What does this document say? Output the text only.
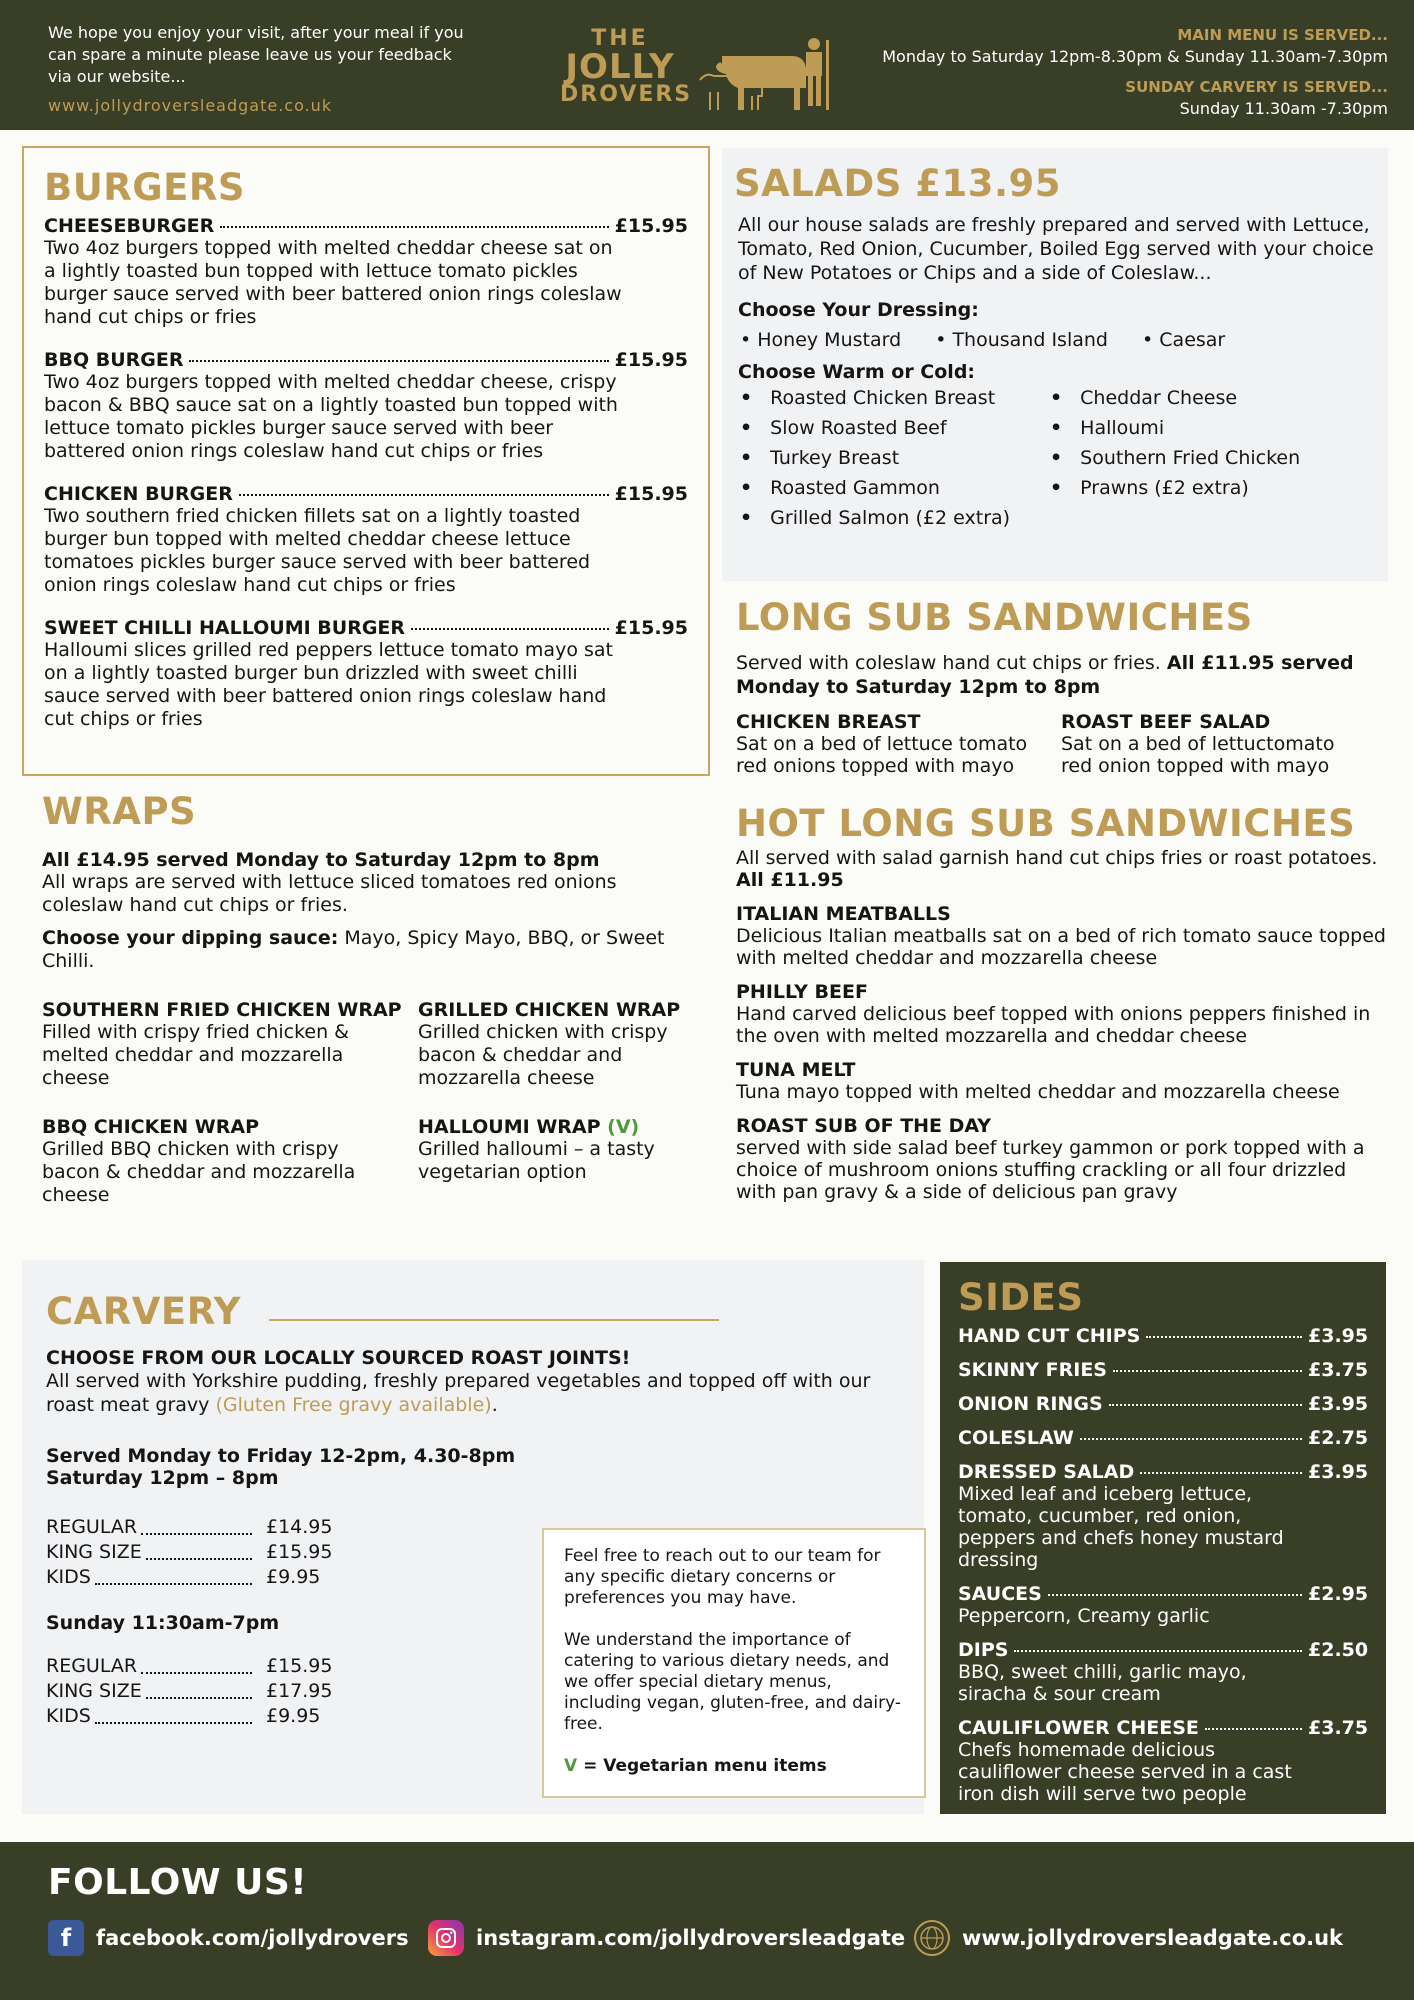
We hope you enjoy your visit, after your meal if you can spare a minute please leave us your feedback via our website...
www.jollydroversleadgate.co.uk
THE
JOLLY
DROVERS
MAIN MENU IS SERVED...
Monday to Saturday 12pm-8.30pm & Sunday 11.30am-7.30pm
SUNDAY CARVERY IS SERVED...
Sunday 11.30am -7.30pm
BURGERS
CHEESEBURGER	£15.95
Two 4oz burgers topped with melted cheddar cheese sat on a lightly toasted bun topped with lettuce tomato pickles burger sauce served with beer battered onion rings coleslaw hand cut chips or fries
BBQ BURGER	£15.95
Two 4oz burgers topped with melted cheddar cheese, crispy bacon & BBQ sauce sat on a lightly toasted bun topped with lettuce tomato pickles burger sauce served with beer battered onion rings coleslaw hand cut chips or fries
CHICKEN BURGER	£15.95
Two southern fried chicken fillets sat on a lightly toasted burger bun topped with melted cheddar cheese lettuce tomatoes pickles burger sauce served with beer battered onion rings coleslaw hand cut chips or fries
SWEET CHILLI HALLOUMI BURGER	£15.95
Halloumi slices grilled red peppers lettuce tomato mayo sat on a lightly toasted burger bun drizzled with sweet chilli sauce served with beer battered onion rings coleslaw hand cut chips or fries
SALADS £13.95
All our house salads are freshly prepared and served with Lettuce, Tomato, Red Onion, Cucumber, Boiled Egg served with your choice of New Potatoes or Chips and a side of Coleslaw...
Choose Your Dressing:
• Honey Mustard • Thousand Island • Caesar
Choose Warm or Cold:
• Roasted Chicken Breast
• Slow Roasted Beef
• Turkey Breast
• Roasted Gammon
• Grilled Salmon (£2 extra)
• Cheddar Cheese
• Halloumi
• Southern Fried Chicken
• Prawns (£2 extra)
LONG SUB SANDWICHES
Served with coleslaw hand cut chips or fries. All £11.95 served Monday to Saturday 12pm to 8pm
CHICKEN BREAST
Sat on a bed of lettuce tomato red onions topped with mayo
ROAST BEEF SALAD
Sat on a bed of lettuctomato red onion topped with mayo
HOT LONG SUB SANDWICHES
All served with salad garnish hand cut chips fries or roast potatoes. All £11.95
ITALIAN MEATBALLS
Delicious Italian meatballs sat on a bed of rich tomato sauce topped with melted cheddar and mozzarella cheese
PHILLY BEEF
Hand carved delicious beef topped with onions peppers finished in the oven with melted mozzarella and cheddar cheese
TUNA MELT
Tuna mayo topped with melted cheddar and mozzarella cheese
ROAST SUB OF THE DAY
served with side salad beef turkey gammon or pork topped with a choice of mushroom onions stuffing crackling or all four drizzled with pan gravy & a side of delicious pan gravy
WRAPS
All £14.95 served Monday to Saturday 12pm to 8pm
All wraps are served with lettuce sliced tomatoes red onions coleslaw hand cut chips or fries.
Choose your dipping sauce: Mayo, Spicy Mayo, BBQ, or Sweet Chilli.
SOUTHERN FRIED CHICKEN WRAP
Filled with crispy fried chicken & melted cheddar and mozzarella cheese
GRILLED CHICKEN WRAP
Grilled chicken with crispy bacon & cheddar and mozzarella cheese
BBQ CHICKEN WRAP
Grilled BBQ chicken with crispy bacon & cheddar and mozzarella cheese
HALLOUMI WRAP (V)
Grilled halloumi – a tasty vegetarian option
CARVERY
CHOOSE FROM OUR LOCALLY SOURCED ROAST JOINTS!
All served with Yorkshire pudding, freshly prepared vegetables and topped off with our roast meat gravy (Gluten Free gravy available).
Served Monday to Friday 12-2pm, 4.30-8pm
Saturday 12pm – 8pm
REGULAR	£14.95
KING SIZE	£15.95
KIDS	£9.95
Sunday 11:30am-7pm
REGULAR	£15.95
KING SIZE	£17.95
KIDS	£9.95
Feel free to reach out to our team for any specific dietary concerns or preferences you may have.
We understand the importance of catering to various dietary needs, and we offer special dietary menus, including vegan, gluten-free, and dairy-free.
V = Vegetarian menu items
SIDES
HAND CUT CHIPS	£3.95
SKINNY FRIES	£3.75
ONION RINGS	£3.95
COLESLAW	£2.75
DRESSED SALAD	£3.95
Mixed leaf and iceberg lettuce, tomato, cucumber, red onion, peppers and chefs honey mustard dressing
SAUCES	£2.95
Peppercorn, Creamy garlic
DIPS	£2.50
BBQ, sweet chilli, garlic mayo, siracha & sour cream
CAULIFLOWER CHEESE	£3.75
Chefs homemade delicious cauliflower cheese served in a cast iron dish will serve two people
FOLLOW US!
f	facebook.com/jollydrovers	instagram.com/jollydroversleadgate	www.jollydroversleadgate.co.uk
